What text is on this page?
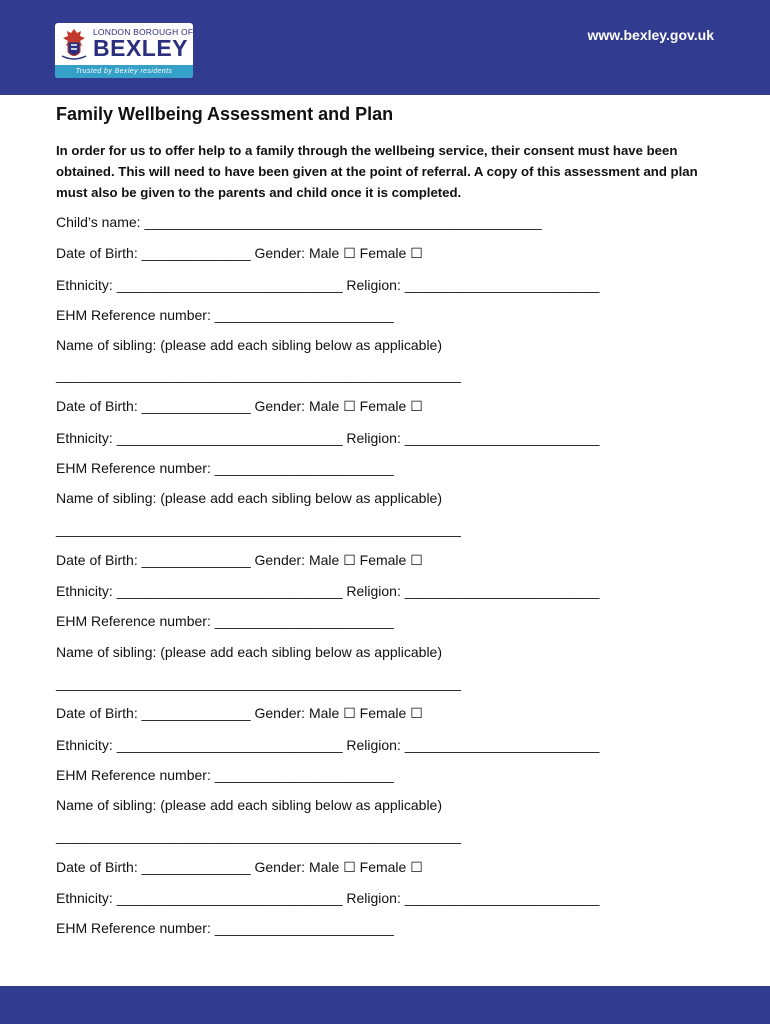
LONDON BOROUGH OF
BEXLEY
Trusted by Bexley residents
www.bexley.gov.uk
Family Wellbeing Assessment and Plan

In order for us to offer help to a family through the wellbeing service, their consent must have been obtained. This will need to have been given at the point of referral. A copy of this assessment and plan must also be given to the parents and child once it is completed.

Child’s name: ___________________________________________________
Date of Birth: ______________ Gender: Male ☐ Female ☐
Ethnicity: _____________________________ Religion: _________________________
EHM Reference number: _______________________
Name of sibling: (please add each sibling below as applicable)
____________________________________________________
Date of Birth: ______________ Gender: Male ☐ Female ☐
Ethnicity: _____________________________ Religion: _________________________
EHM Reference number: _______________________
Name of sibling: (please add each sibling below as applicable)
____________________________________________________
Date of Birth: ______________ Gender: Male ☐ Female ☐
Ethnicity: _____________________________ Religion: _________________________
EHM Reference number: _______________________
Name of sibling: (please add each sibling below as applicable)
____________________________________________________
Date of Birth: ______________ Gender: Male ☐ Female ☐
Ethnicity: _____________________________ Religion: _________________________
EHM Reference number: _______________________
Name of sibling: (please add each sibling below as applicable)
____________________________________________________
Date of Birth: ______________ Gender: Male ☐ Female ☐
Ethnicity: _____________________________ Religion: _________________________
EHM Reference number: _______________________
